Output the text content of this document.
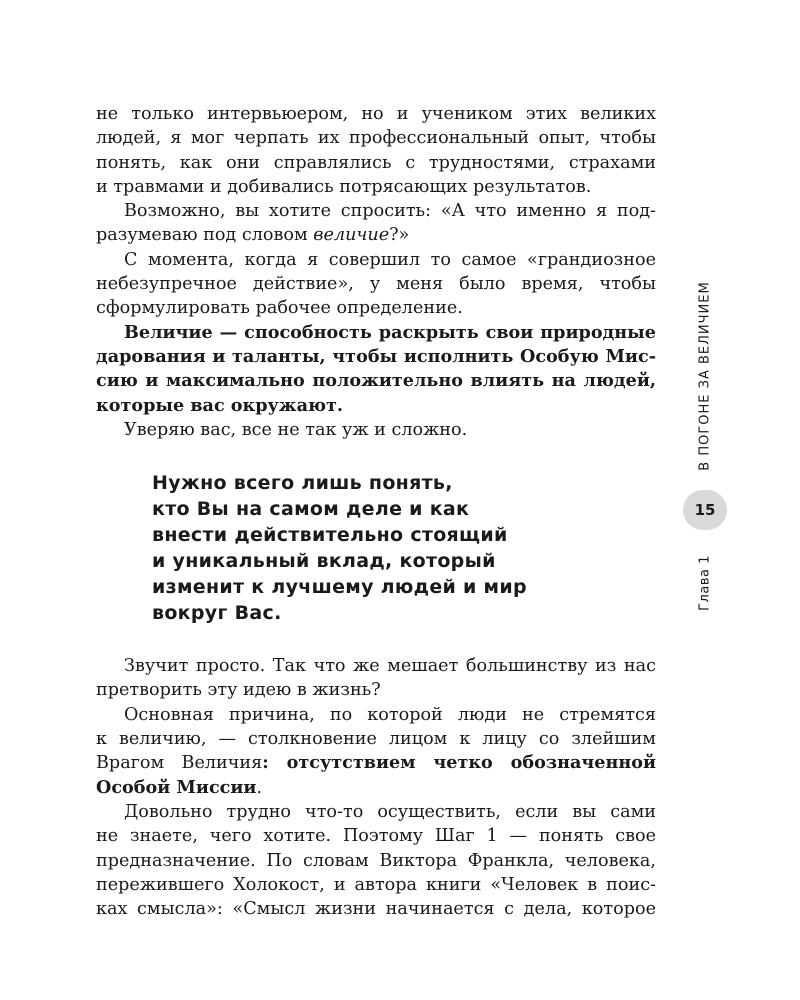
не только интервьюером, но и учеником этих великих
людей, я мог черпать их профессиональный опыт, чтобы
понять, как они справлялись с трудностями, страхами
и травмами и добивались потрясающих результатов.
Возможно, вы хотите спросить: «А что именно я под-
разумеваю под словом величие?»
С момента, когда я совершил то самое «грандиозное
небезупречное действие», у меня было время, чтобы
сформулировать рабочее определение.
Величие — способность раскрыть свои природные
дарования и таланты, чтобы исполнить Особую Мис-
сию и максимально положительно влиять на людей,
которые вас окружают.
Уверяю вас, все не так уж и сложно.
Нужно всего лишь понять,
кто Вы на самом деле и как
внести действительно стоящий
и уникальный вклад, который
изменит к лучшему людей и мир
вокруг Вас.
Звучит просто. Так что же мешает большинству из нас
претворить эту идею в жизнь?
Основная причина, по которой люди не стремятся
к величию, — столкновение лицом к лицу со злейшим
Врагом Величия: отсутствием четко обозначенной
Особой Миссии.
Довольно трудно что-то осуществить, если вы сами
не знаете, чего хотите. Поэтому Шаг 1 — понять свое
предназначение. По словам Виктора Франкла, человека,
пережившего Холокост, и автора книги «Человек в поис-
ках смысла»: «Смысл жизни начинается с дела, которое
В ПОГОНЕ ЗА ВЕЛИЧИЕМ
15
Глава 1
